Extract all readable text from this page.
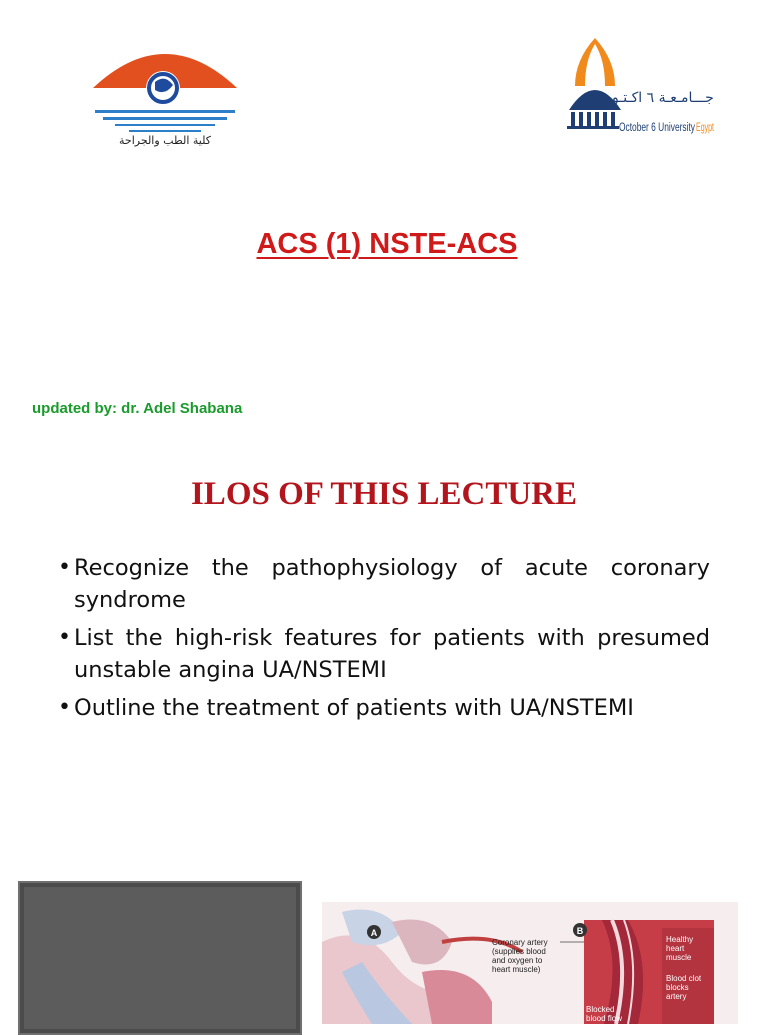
كلية الطب والجراحة
جـــامـعـة ٦ اكـتـوبـر
October 6 University Egypt
ACS (1) NSTE-ACS
updated by: dr. Adel Shabana
ILOS OF THIS LECTURE
• Recognize the pathophysiology of acute coronary syndrome
• List the high-risk features for patients with presumed unstable angina UA/NSTEMI
• Outline the treatment of patients with UA/NSTEMI
A
Coronary artery (supplies blood and oxygen to heart muscle)
B
Healthy heart muscle
Blood clot blocks artery
Blocked blood flow
